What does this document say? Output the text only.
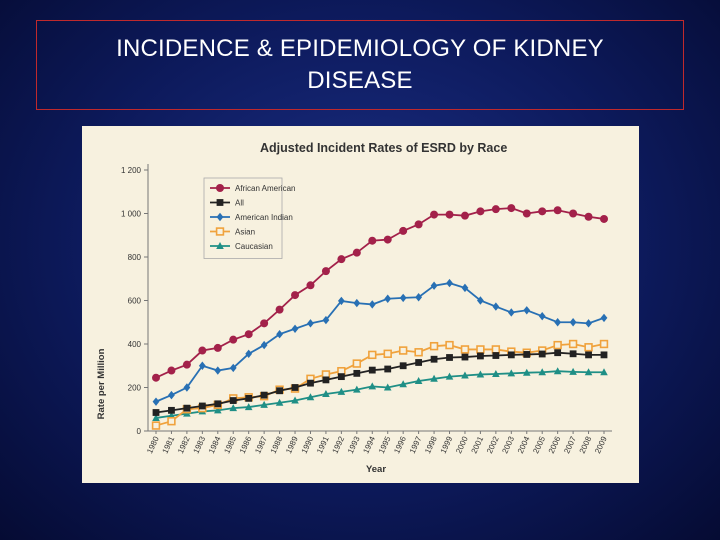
INCIDENCE & EPIDEMIOLOGY OF KIDNEY
DISEASE
Adjusted Incident Rates of ESRD by Race
0
200
400
600
800
1 000
1 200
1980 1981 1982 1983 1984 1985 1986 1987 1988 1989 1990 1991 1992 1993 1994 1995 1996 1997 1998 1999 2000 2001 2002 2003 2004 2005 2006 2007 2008 2009
African American
All
American Indian
Asian
Caucasian
Rate per Million
Year
